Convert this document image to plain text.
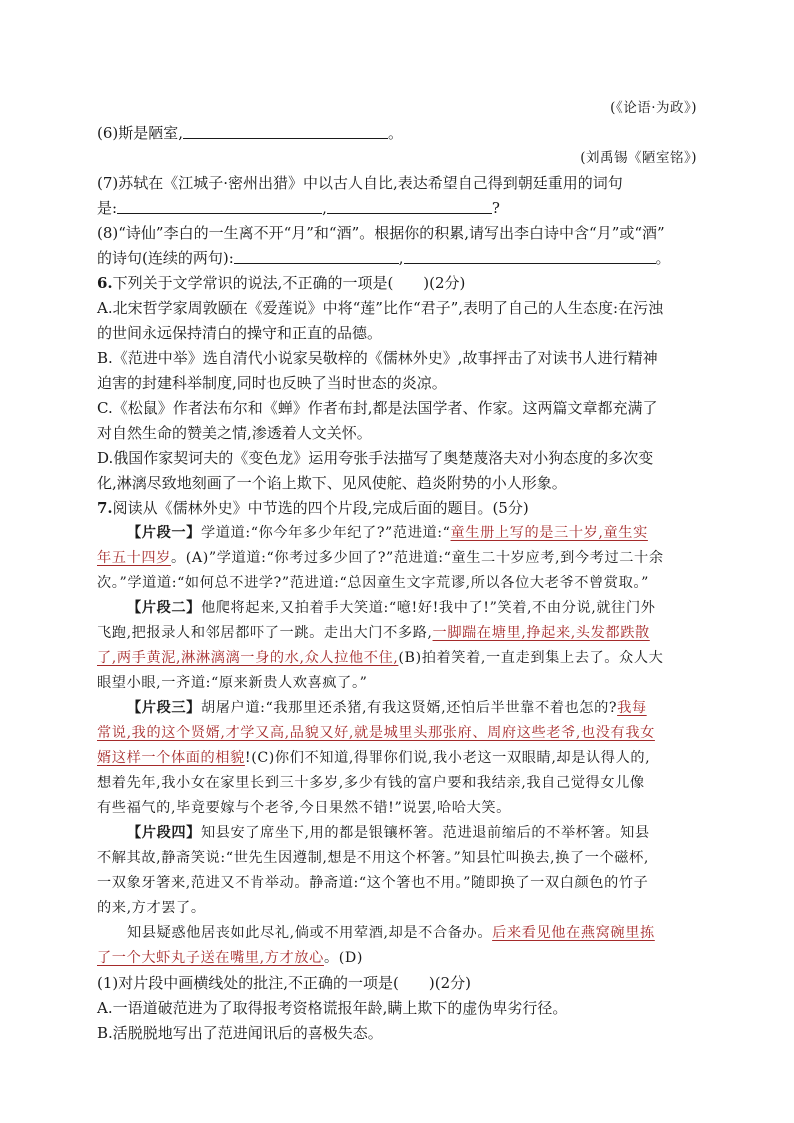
(《论语·为政》)
(6)斯是陋室,	。
(刘禹锡《陋室铭》)
(7)苏轼在《江城子·密州出猎》中以古人自比,表达希望自己得到朝廷重用的词句
是:	,	?
(8)“诗仙”李白的一生离不开“月”和“酒”。根据你的积累,请写出李白诗中含“月”或“酒”
的诗句(连续的两句):	,	。
6.下列关于文学常识的说法,不正确的一项是(　　)(2分)
A.北宋哲学家周敦颐在《爱莲说》中将“莲”比作“君子”,表明了自己的人生态度:在污浊
的世间永远保持清白的操守和正直的品德。
B.《范进中举》选自清代小说家吴敬梓的《儒林外史》,故事抨击了对读书人进行精神
迫害的封建科举制度,同时也反映了当时世态的炎凉。
C.《松鼠》作者法布尔和《蝉》作者布封,都是法国学者、作家。这两篇文章都充满了
对自然生命的赞美之情,渗透着人文关怀。
D.俄国作家契诃夫的《变色龙》运用夸张手法描写了奥楚蔑洛夫对小狗态度的多次变
化,淋漓尽致地刻画了一个谄上欺下、见风使舵、趋炎附势的小人形象。
7.阅读从《儒林外史》中节选的四个片段,完成后面的题目。(5分)
【片段一】学道道:“你今年多少年纪了?”范进道:“童生册上写的是三十岁,童生实
年五十四岁。(A)”学道道:“你考过多少回了?”范进道:“童生二十岁应考,到今考过二十余
次。”学道道:“如何总不进学?”范进道:“总因童生文字荒谬,所以各位大老爷不曾赏取。”
【片段二】他爬将起来,又拍着手大笑道:“噫!好!我中了!”笑着,不由分说,就往门外
飞跑,把报录人和邻居都吓了一跳。走出大门不多路,一脚踹在塘里,挣起来,头发都跌散
了,两手黄泥,淋淋漓漓一身的水,众人拉他不住,(B)拍着笑着,一直走到集上去了。众人大
眼望小眼,一齐道:“原来新贵人欢喜疯了。”
【片段三】胡屠户道:“我那里还杀猪,有我这贤婿,还怕后半世靠不着也怎的?我每
常说,我的这个贤婿,才学又高,品貌又好,就是城里头那张府、周府这些老爷,也没有我女
婿这样一个体面的相貌!(C)你们不知道,得罪你们说,我小老这一双眼睛,却是认得人的,
想着先年,我小女在家里长到三十多岁,多少有钱的富户要和我结亲,我自己觉得女儿像
有些福气的,毕竟要嫁与个老爷,今日果然不错!”说罢,哈哈大笑。
【片段四】知县安了席坐下,用的都是银镶杯箸。范进退前缩后的不举杯箸。知县
不解其故,静斋笑说:“世先生因遵制,想是不用这个杯箸。”知县忙叫换去,换了一个磁杯,
一双象牙箸来,范进又不肯举动。静斋道:“这个箸也不用。”随即换了一双白颜色的竹子
的来,方才罢了。
知县疑惑他居丧如此尽礼,倘或不用荤酒,却是不合备办。后来看见他在燕窝碗里拣
了一个大虾丸子送在嘴里,方才放心。(D)
(1)对片段中画横线处的批注,不正确的一项是(　　)(2分)
A.一语道破范进为了取得报考资格谎报年龄,瞒上欺下的虚伪卑劣行径。
B.活脱脱地写出了范进闻讯后的喜极失态。
